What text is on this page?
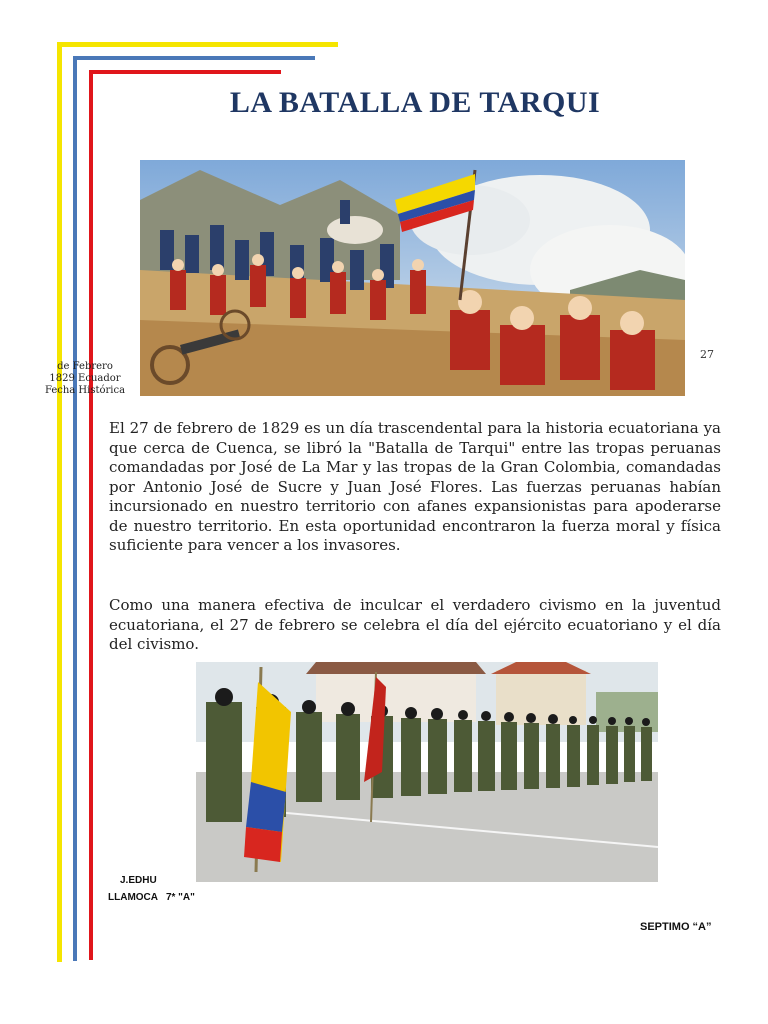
LA BATALLA DE TARQUI
de Febrero
1829 Ecuador
Fecha Histórica
27

El 27 de febrero de 1829 es un día trascendental para la historia ecuatoriana ya que cerca de Cuenca, se libró la "Batalla de Tarqui" entre las tropas peruanas comandadas por José de La Mar y las tropas de la Gran Colombia, comandadas por Antonio José de Sucre y Juan José Flores. Las fuerzas peruanas habían incursionado en nuestro territorio con afanes expansionistas para apoderarse de nuestro territorio. En esta oportunidad encontraron la fuerza moral y física suficiente para vencer a los invasores.

Como una manera efectiva de inculcar el verdadero civismo en la juventud ecuatoriana, el 27 de febrero se celebra el día del ejército ecuatoriano y el día del civismo.

J.EDHU
LLAMOCA   7* "A"
SEPTIMO “A”
